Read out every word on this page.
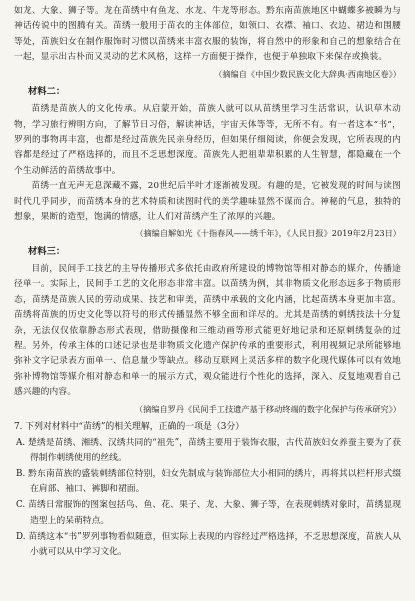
如龙、大象、狮子等。龙在苗绣中有鱼龙、水龙、牛龙等形态。黔东南苗族地区中蝴蝶多被瞬为与神话传说中的图腾有关。苗绣一般用于苗衣的主体部位，如领口、衣襟、袖口、衣边、裙边和围腰等处，苗族妇女在制作服饰时习惯以苗绣来丰富衣服的装饰，将自然中的形象和自己的想象结合在一起，显示出古朴而又灵动的艺术风格，这样一方面便于操作，也便于单独取下来保存或换装。

（摘编自《中国少数民族文化大辞典·西南地区卷》）

材料二：

苗绣是苗族人的文化传承。从启蒙开始，苗族人就可以从苗绣里学习生活常识，认识草木动物，学习旅行辨明方向，了解节日习俗，解读神话，宇宙天体等等，无所不有。有一者这本“书”，罗列的事物再丰富，也都是经过苗族先民亲身经历，但如果仔细阅读，你便会发现，它所表现的内容都是经过了严格选择的，而且不乏思想深度。苗族先人把祖辈辈积累的人生智慧，都隐藏在一个个生动鲜活的苗绣故事中。

苗绣一直无声无息深藏不露，20世纪后半叶才逐渐被发现。有趣的是，它被发现的时间与读图时代几乎同步，而苗绣本身的艺术特质和读图时代的美学趣味显然不谋而合。神秘的气息，独特的想象，果断的造型，饱满的情感，让人们对苗绣产生了浓厚的兴趣。

（摘编自解如光《十指春风——绣千年》，《人民日报》2019年2月23日）

材料三：

目前，民间手工技艺的主导传播形式多依托由政府所建设的博物馆等相对静态的媒介，传播途径单一。实际上，民间手工艺的文化形态非常丰富。以苗绣为例，其非物质文化形态远多于物质形态，苗绣是苗族人民的劳动成果、技艺和审美，苗绣中承载的文化内涵，比起苗绣本身更加丰富。苗绣将苗族的历史文化等以符号的形式传播显然不够全面和详尽的。尤其是苗绣的刺绣技法十分复杂，无法仅仅依靠静态形式表现，借助摄像和三维动画等形式能更好地记录和还原刺绣复杂的过程。另外，传承主体的口述记录也是非物质文化遗产保护传承的重要形式，利用视频记录所能够地弥补文字记录表方面单一、信息量少等缺点。移动互联网上灵活多样的数字化现代媒体可以有效地弥补博物馆等媒介相对静态和单一的展示方式，观众能进行个性化的选择，深入、反复地观看自己感兴趣的内容。

（摘编自罗丹《民间手工技遗产基于移动终端的数字化保护与传承研究》）

7. 下列对材料中“苗绣”的相关理解，正确的一项是（3分）

A. 楚绣是苗绣、湘绣、汉绣共同的“祖先”，苗绣主要用于装饰衣服，古代苗族妇女养蚕主要为了获得制作刺绣使用的丝线。

B. 黔东南苗族的盛装刺绣部位特别，妇女先制成与装饰部位大小相同的绣片，再将其以栏杆形式缀在肩部、袖口、裤脚和裙面。

C. 苗绣日常服饰的图案包括鸟、鱼、花、果子、龙、大象、狮子等，在表现刺绣对象时，苗绣显现造型上的呆萌特点。

D. 苗绣这本“书”罗列事物看似随意，但实际上表现的内容经过严格选择，不乏思想深度，苗族人从小就可以从中学习文化。
